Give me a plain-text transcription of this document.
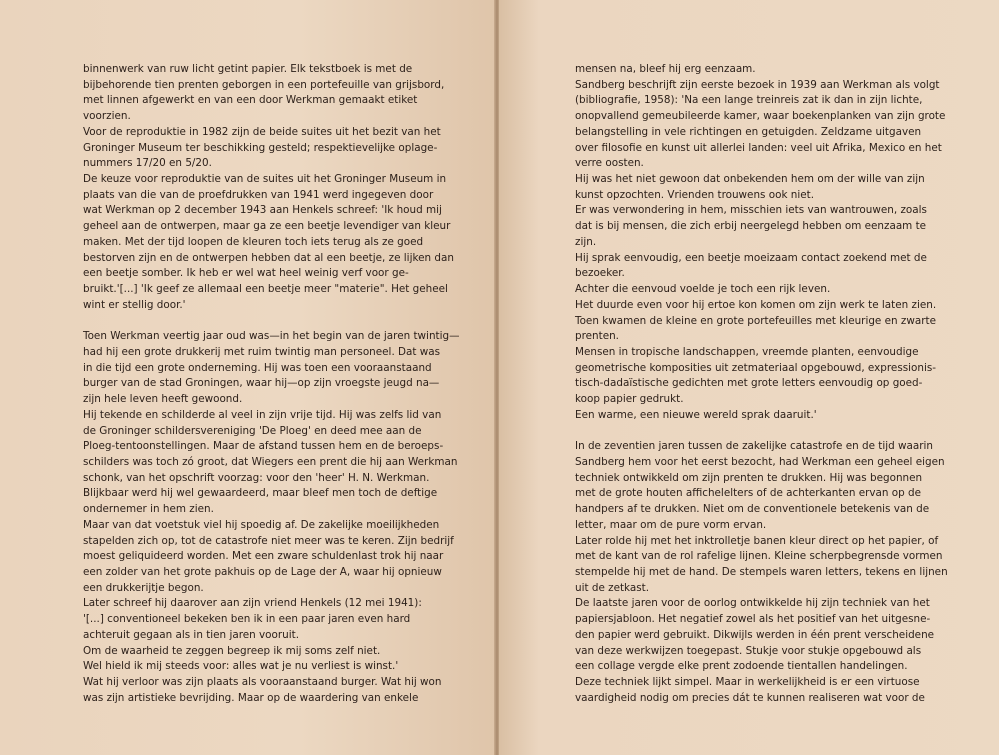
binnenwerk van ruw licht getint papier. Elk tekstboek is met de
bijbehorende tien prenten geborgen in een portefeuille van grijsbord,
met linnen afgewerkt en van een door Werkman gemaakt etiket
voorzien.
Voor de reproduktie in 1982 zijn de beide suites uit het bezit van het
Groninger Museum ter beschikking gesteld; respektievelijke oplage-
nummers 17/20 en 5/20.
De keuze voor reproduktie van de suites uit het Groninger Museum in
plaats van die van de proefdrukken van 1941 werd ingegeven door
wat Werkman op 2 december 1943 aan Henkels schreef: 'Ik houd mij
geheel aan de ontwerpen, maar ga ze een beetje levendiger van kleur
maken. Met der tijd loopen de kleuren toch iets terug als ze goed
bestorven zijn en de ontwerpen hebben dat al een beetje, ze lijken dan
een beetje somber. Ik heb er wel wat heel weinig verf voor ge-
bruikt.'[...] 'Ik geef ze allemaal een beetje meer "materie". Het geheel
wint er stellig door.'
Toen Werkman veertig jaar oud was—in het begin van de jaren twintig—
had hij een grote drukkerij met ruim twintig man personeel. Dat was
in die tijd een grote onderneming. Hij was toen een vooraanstaand
burger van de stad Groningen, waar hij—op zijn vroegste jeugd na—
zijn hele leven heeft gewoond.
Hij tekende en schilderde al veel in zijn vrije tijd. Hij was zelfs lid van
de Groninger schildersvereniging 'De Ploeg' en deed mee aan de
Ploeg-tentoonstellingen. Maar de afstand tussen hem en de beroeps-
schilders was toch zó groot, dat Wiegers een prent die hij aan Werkman
schonk, van het opschrift voorzag: voor den 'heer' H. N. Werkman.
Blijkbaar werd hij wel gewaardeerd, maar bleef men toch de deftige
ondernemer in hem zien.
Maar van dat voetstuk viel hij spoedig af. De zakelijke moeilijkheden
stapelden zich op, tot de catastrofe niet meer was te keren. Zijn bedrijf
moest geliquideerd worden. Met een zware schuldenlast trok hij naar
een zolder van het grote pakhuis op de Lage der A, waar hij opnieuw
een drukkerijtje begon.
Later schreef hij daarover aan zijn vriend Henkels (12 mei 1941):
'[...] conventioneel bekeken ben ik in een paar jaren even hard
achteruit gegaan als in tien jaren vooruit.
Om de waarheid te zeggen begreep ik mij soms zelf niet.
Wel hield ik mij steeds voor: alles wat je nu verliest is winst.'
Wat hij verloor was zijn plaats als vooraanstaand burger. Wat hij won
was zijn artistieke bevrijding. Maar op de waardering van enkele
mensen na, bleef hij erg eenzaam.
Sandberg beschrijft zijn eerste bezoek in 1939 aan Werkman als volgt
(bibliografie, 1958): 'Na een lange treinreis zat ik dan in zijn lichte,
onopvallend gemeubileerde kamer, waar boekenplanken van zijn grote
belangstelling in vele richtingen en getuigden. Zeldzame uitgaven
over filosofie en kunst uit allerlei landen: veel uit Afrika, Mexico en het
verre oosten.
Hij was het niet gewoon dat onbekenden hem om der wille van zijn
kunst opzochten. Vrienden trouwens ook niet.
Er was verwondering in hem, misschien iets van wantrouwen, zoals
dat is bij mensen, die zich erbij neergelegd hebben om eenzaam te
zijn.
Hij sprak eenvoudig, een beetje moeizaam contact zoekend met de
bezoeker.
Achter die eenvoud voelde je toch een rijk leven.
Het duurde even voor hij ertoe kon komen om zijn werk te laten zien.
Toen kwamen de kleine en grote portefeuilles met kleurige en zwarte
prenten.
Mensen in tropische landschappen, vreemde planten, eenvoudige
geometrische komposities uit zetmateriaal opgebouwd, expressionis-
tisch-dadaïstische gedichten met grote letters eenvoudig op goed-
koop papier gedrukt.
Een warme, een nieuwe wereld sprak daaruit.'
In de zeventien jaren tussen de zakelijke catastrofe en de tijd waarin
Sandberg hem voor het eerst bezocht, had Werkman een geheel eigen
techniek ontwikkeld om zijn prenten te drukken. Hij was begonnen
met de grote houten affichelelters of de achterkanten ervan op de
handpers af te drukken. Niet om de conventionele betekenis van de
letter, maar om de pure vorm ervan.
Later rolde hij met het inktrolletje banen kleur direct op het papier, of
met de kant van de rol rafelige lijnen. Kleine scherpbegrensde vormen
stempelde hij met de hand. De stempels waren letters, tekens en lijnen
uit de zetkast.
De laatste jaren voor de oorlog ontwikkelde hij zijn techniek van het
papiersjabloon. Het negatief zowel als het positief van het uitgesne-
den papier werd gebruikt. Dikwijls werden in één prent verscheidene
van deze werkwijzen toegepast. Stukje voor stukje opgebouwd als
een collage vergde elke prent zodoende tientallen handelingen.
Deze techniek lijkt simpel. Maar in werkelijkheid is er een virtuose
vaardigheid nodig om precies dát te kunnen realiseren wat voor de
